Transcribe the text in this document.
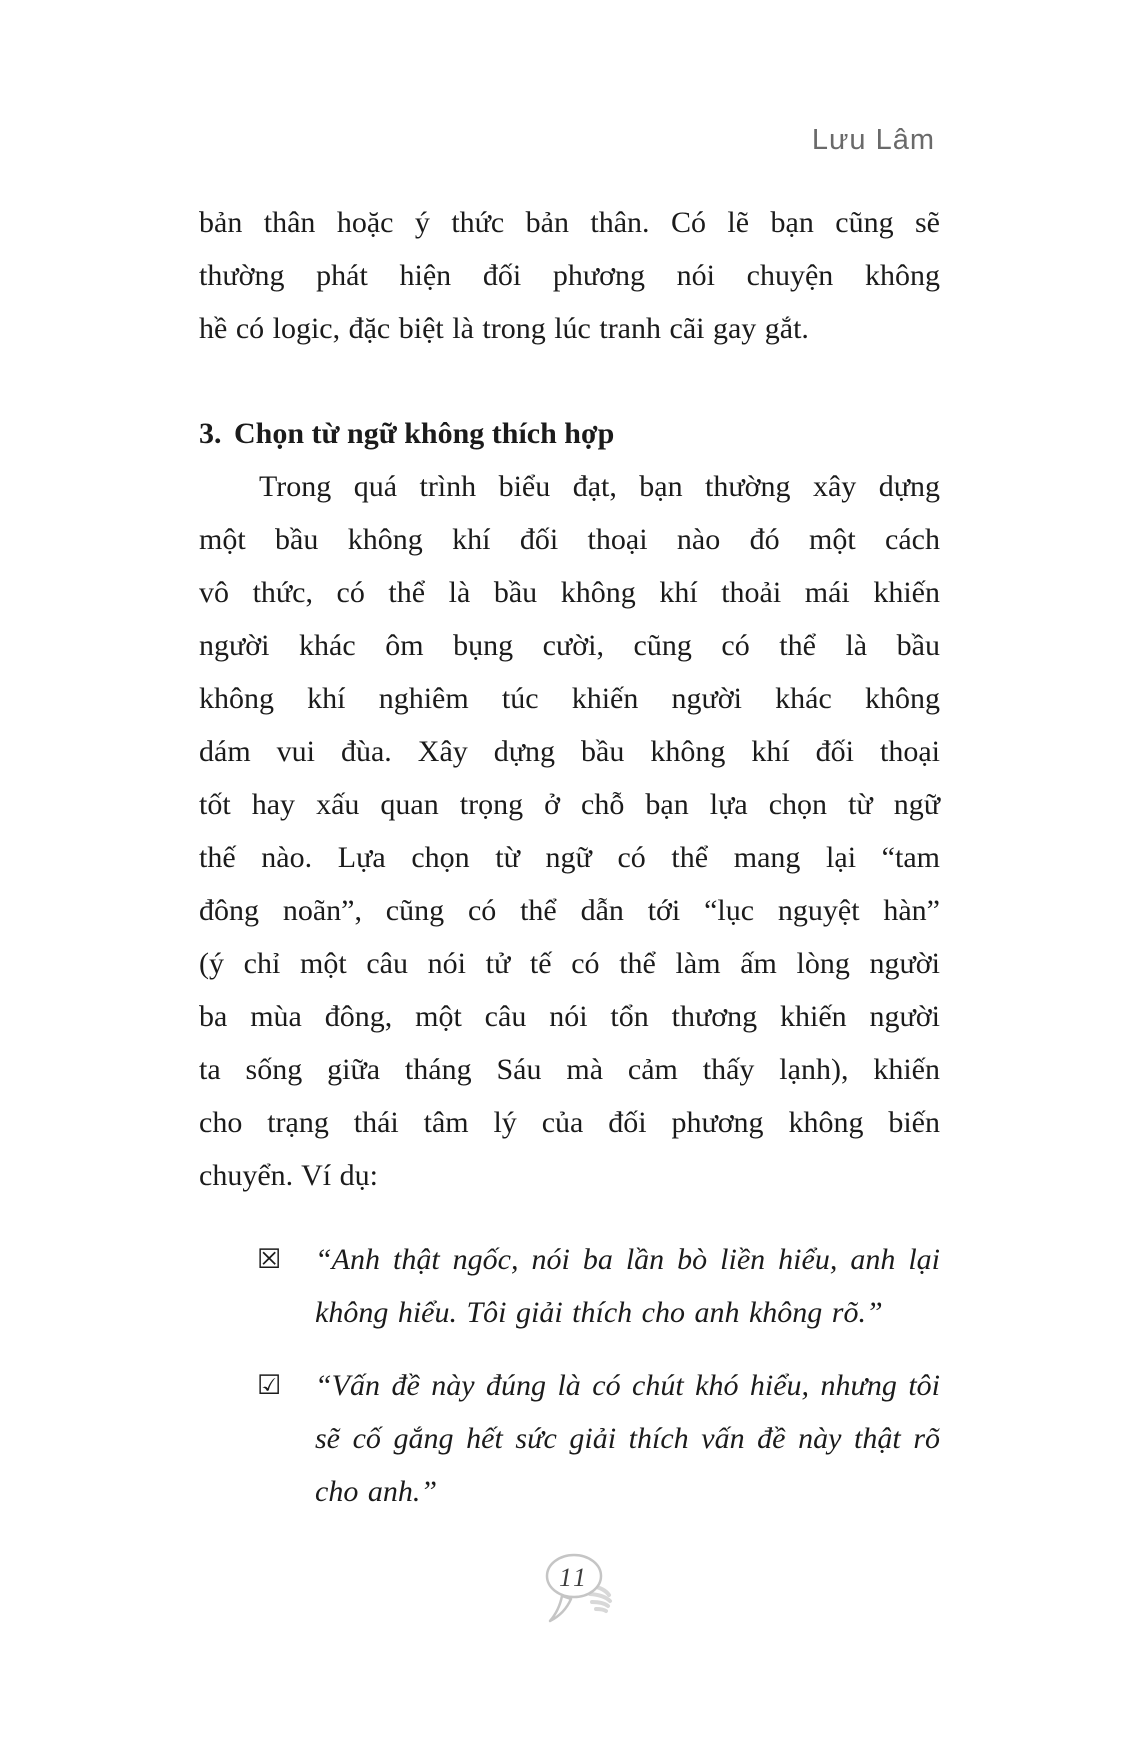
Lưu Lâm
bản thân hoặc ý thức bản thân. Có lẽ bạn cũng sẽ
thường phát hiện đối phương nói chuyện không
hề có logic, đặc biệt là trong lúc tranh cãi gay gắt.
3. Chọn từ ngữ không thích hợp
Trong quá trình biểu đạt, bạn thường xây dựng
một bầu không khí đối thoại nào đó một cách
vô thức, có thể là bầu không khí thoải mái khiến
người khác ôm bụng cười, cũng có thể là bầu
không khí nghiêm túc khiến người khác không
dám vui đùa. Xây dựng bầu không khí đối thoại
tốt hay xấu quan trọng ở chỗ bạn lựa chọn từ ngữ
thế nào. Lựa chọn từ ngữ có thể mang lại “tam
đông noãn”, cũng có thể dẫn tới “lục nguyệt hàn”
(ý chỉ một câu nói tử tế có thể làm ấm lòng người
ba mùa đông, một câu nói tổn thương khiến người
ta sống giữa tháng Sáu mà cảm thấy lạnh), khiến
cho trạng thái tâm lý của đối phương không biến
chuyển. Ví dụ:
☒	“Anh thật ngốc, nói ba lần bò liền hiểu, anh lại
không hiểu. Tôi giải thích cho anh không rõ.”
☑	“Vấn đề này đúng là có chút khó hiểu, nhưng tôi
sẽ cố gắng hết sức giải thích vấn đề này thật rõ
cho anh.”
11
